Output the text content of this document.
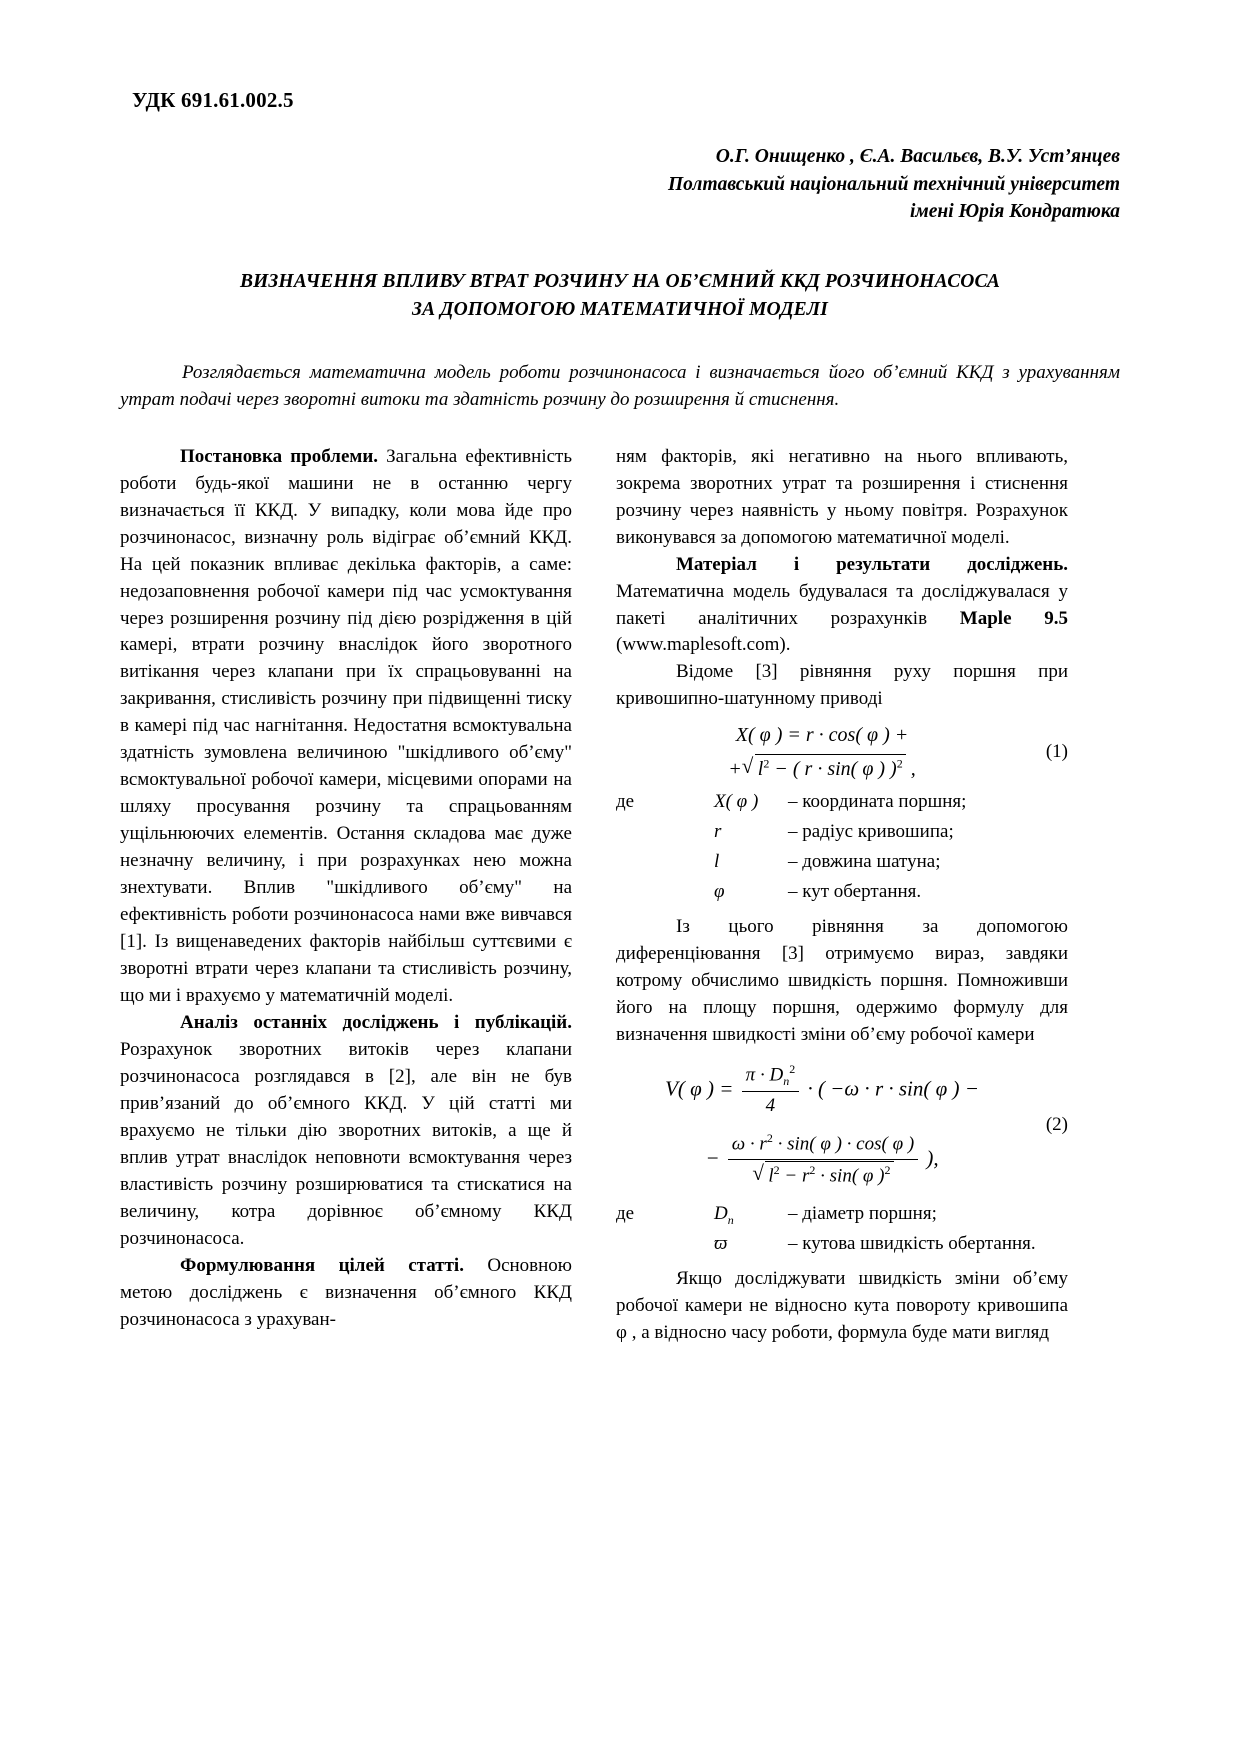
УДК 691.61.002.5
О.Г. Онищенко , Є.А. Васильєв, В.У. Уст’янцев
Полтавський національний технічний університет
імені Юрія Кондратюка
ВИЗНАЧЕННЯ ВПЛИВУ ВТРАТ РОЗЧИНУ НА ОБ’ЄМНИЙ ККД РОЗЧИНОНАСОСА
ЗА ДОПОМОГОЮ МАТЕМАТИЧНОЇ МОДЕЛІ
Розглядається математична модель роботи розчинонасоса і визначається його об’ємний ККД з урахуванням утрат подачі через зворотні витоки та здатність розчину до розширення й стиснення.

Постановка проблеми. Загальна ефективність роботи будь-якої машини не в останню чергу визначається її ККД. У випадку, коли мова йде про розчинонасос, визначну роль відіграє об’ємний ККД. На цей показник впливає декілька факторів, а саме: недозаповнення робочої камери під час усмоктування через розширення розчину під дією розрідження в цій камері, втрати розчину внаслідок його зворотного витікання через клапани при їх спрацьовуванні на закривання, стисливість розчину при підвищенні тиску в камері під час нагнітання. Недостатня всмоктувальна здатність зумовлена величиною "шкідливого об’єму" всмоктувальної робочої камери, місцевими опорами на шляху просування розчину та спрацьованням ущільнюючих елементів. Остання складова має дуже незначну величину, і при розрахунках нею можна знехтувати. Вплив "шкідливого об’єму" на ефективність роботи розчинонасоса нами вже вивчався [1]. Із вищенаведених факторів найбільш суттєвими є зворотні втрати через клапани та стисливість розчину, що ми і врахуємо у математичній моделі.

Аналіз останніх досліджень і публікацій. Розрахунок зворотних витоків через клапани розчинонасоса розглядався в [2], але він не був прив’язаний до об’ємного ККД. У цій статті ми врахуємо не тільки дію зворотних витоків, а ще й вплив утрат внаслідок неповноти всмоктування через властивість розчину розширюватися та стискатися на величину, котра дорівнює об’ємному ККД розчинонасоса.

Формулювання цілей статті. Основною метою досліджень є визначення об’ємного ККД розчинонасоса з урахуван-

ням факторів, які негативно на нього впливають, зокрема зворотних утрат та розширення і стиснення розчину через наявність у ньому повітря. Розрахунок виконувався за допомогою математичної моделі.

Матеріал і результати досліджень. Математична модель будувалася та досліджувалася у пакеті аналітичних розрахунків Maple 9.5 (www.maplesoft.com).

Відоме [3] рівняння руху поршня при кривошипно-шатунному приводі

X( φ ) = r · cos( φ ) +
+ √ $l^2$ − ( r · sin( φ ) )$^2$ ,
(1)
де	X( φ ) – координата поршня;
r	– радіус кривошипа;
l	– довжина шатуна;
φ	– кут обертання.

Із цього рівняння за допомогою диференціювання [3] отримуємо вираз, завдяки котрому обчислимо швидкість поршня. Помноживши його на площу поршня, одержимо формулу для визначення швидкості зміни об’єму робочої камери

V( φ ) = $\frac{\pi \cdot D_n^2}{4}$ · ( −ω · r · sin( φ ) −
− $\omega \cdot r^2 \cdot \sin$( φ ) · cos( φ )
√ $l^2 - r^2 \cdot \sin$( φ )$^2$ ),
(2)
де	$D_n$	– діаметр поршня;
ϖ	– кутова швидкість обертання.

Якщо досліджувати швидкість зміни об’єму робочої камери не відносно кута повороту кривошипа φ , а відносно часу роботи, формула буде мати вигляд
